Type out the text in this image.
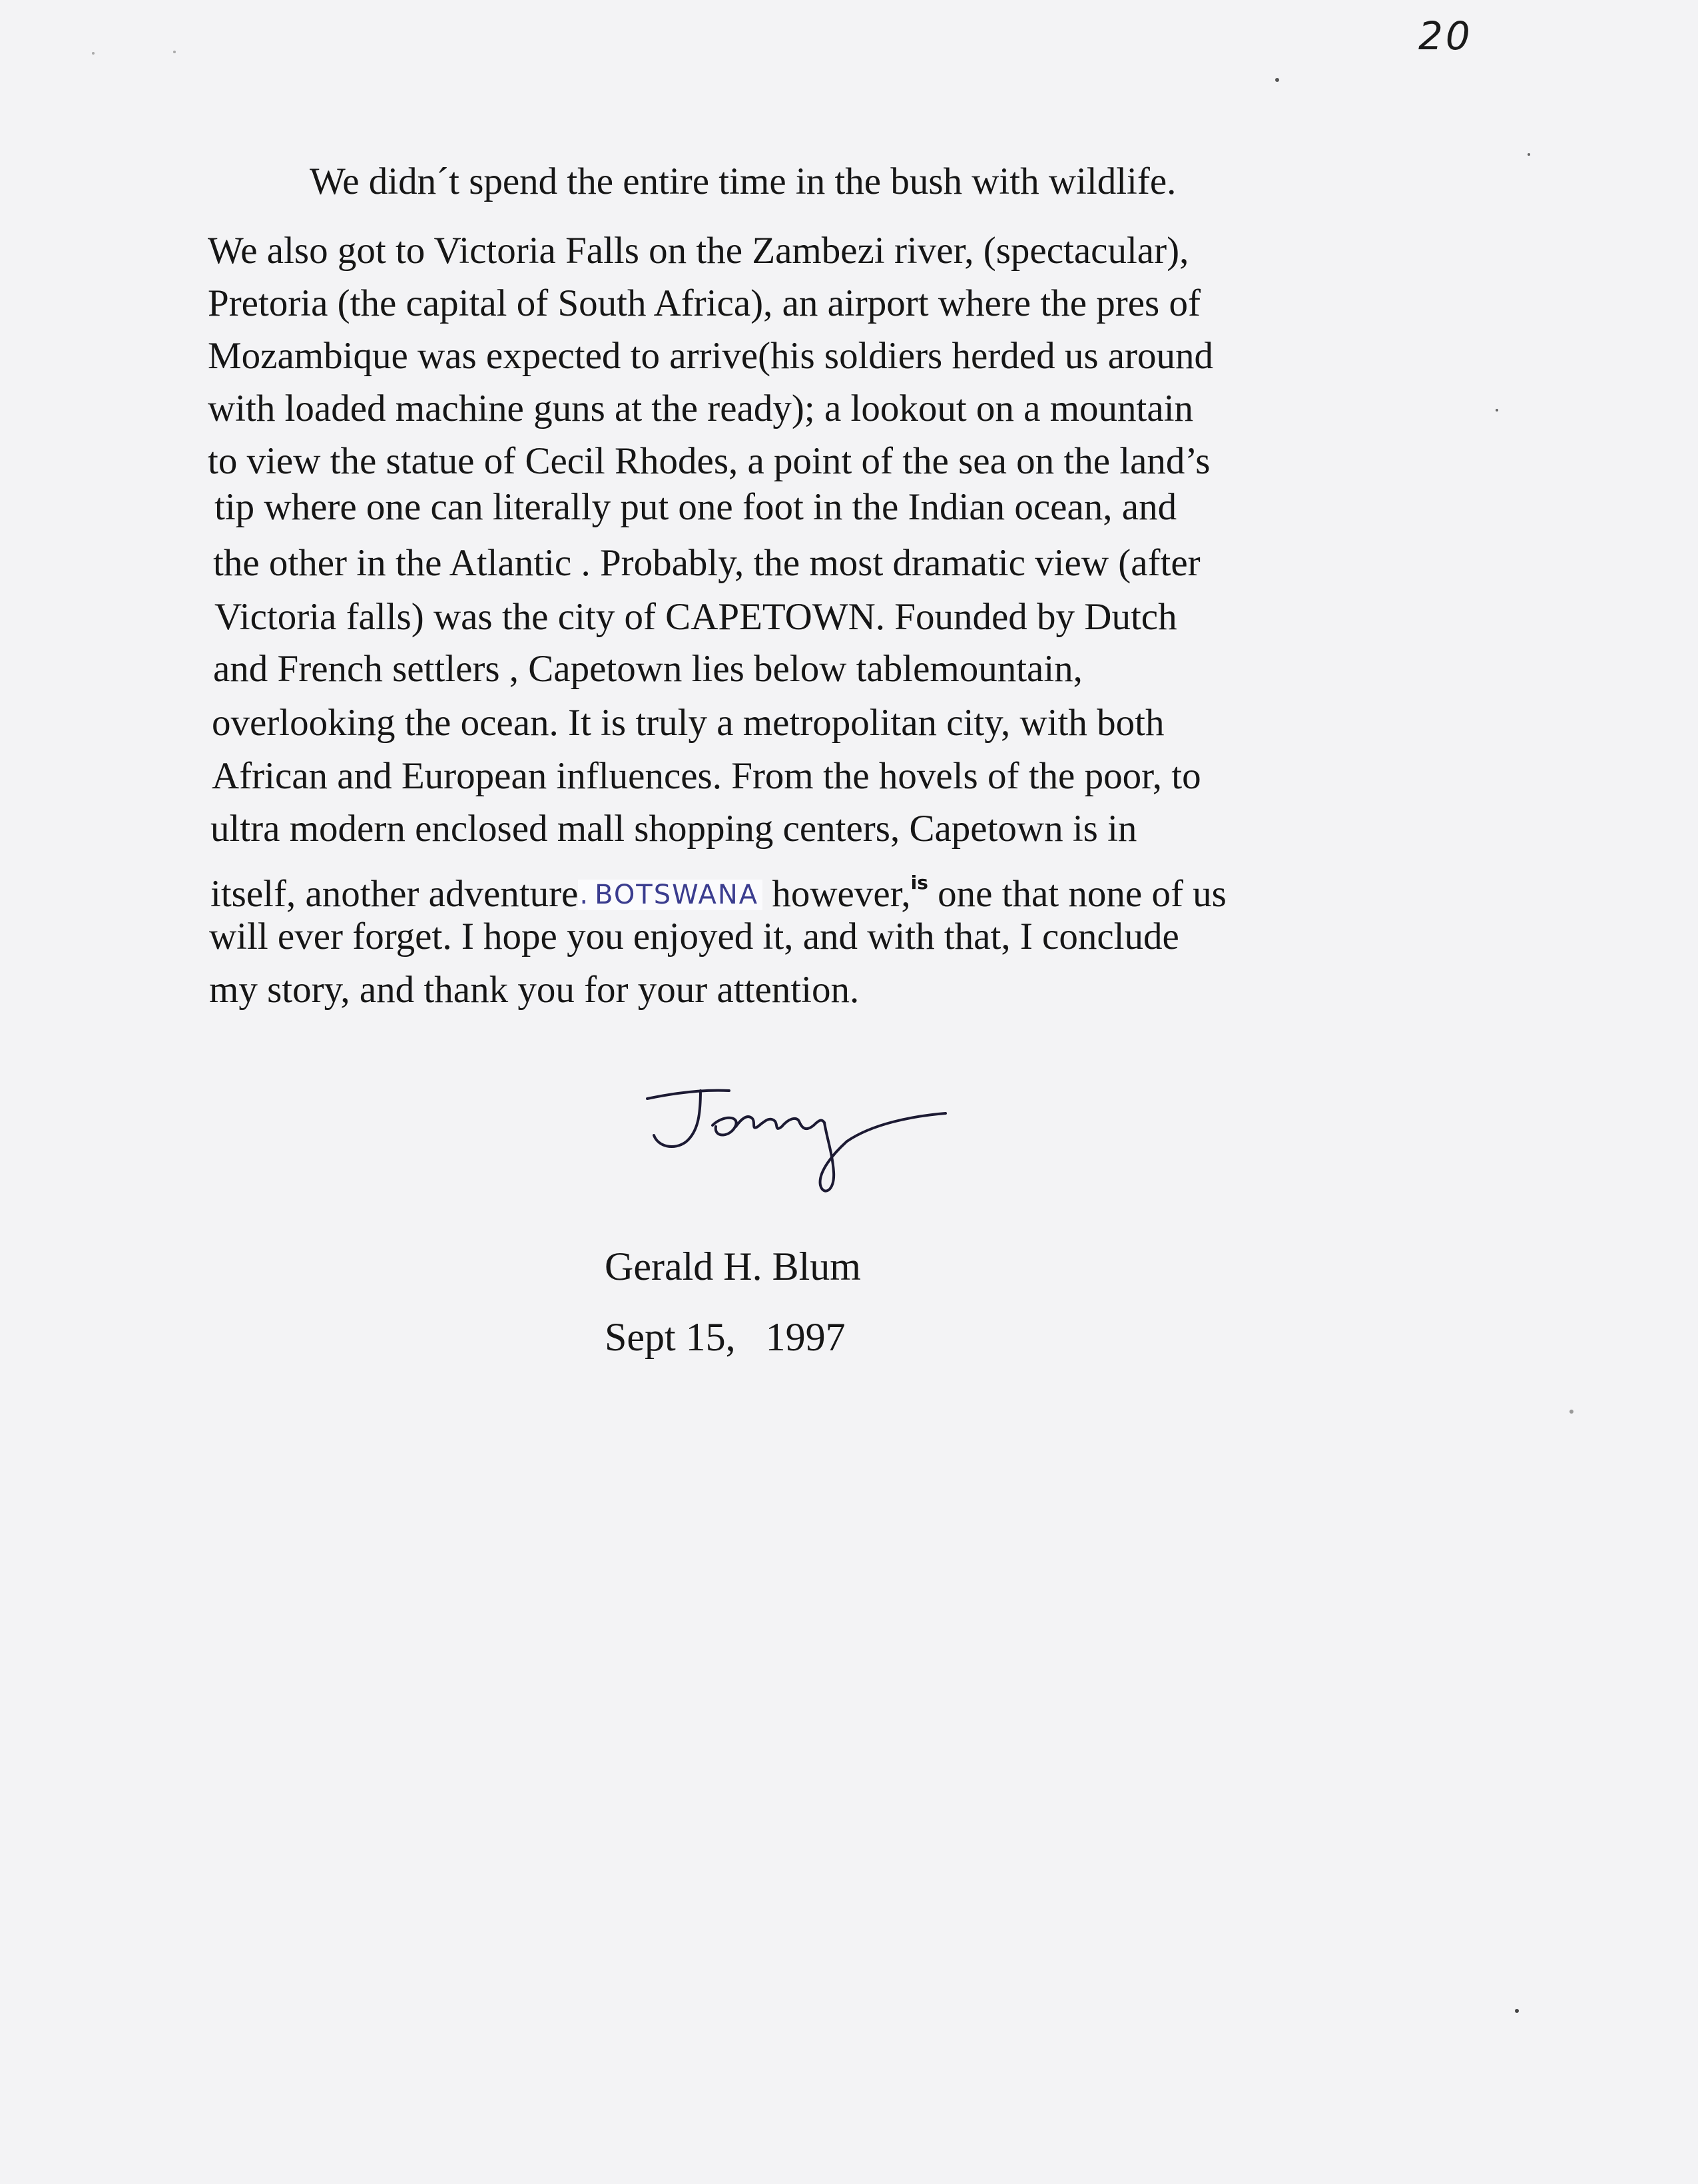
20
We didn´t spend the entire time in the bush with wildlife.
We also got to Victoria Falls on the Zambezi river, (spectacular),
Pretoria (the capital of South Africa), an airport where the pres of
Mozambique was expected to arrive(his soldiers herded us around
with loaded machine guns at the ready); a lookout on a mountain
to view the statue of Cecil Rhodes, a point of the sea on the land’s
tip where one can literally put one foot in the Indian ocean, and
the other in the Atlantic . Probably, the most dramatic view (after
Victoria falls) was the city of CAPETOWN. Founded by Dutch
and French settlers , Capetown lies below tablemountain,
overlooking the ocean. It is truly a metropolitan city, with both
African and European influences. From the hovels of the poor, to
ultra modern enclosed mall shopping centers, Capetown is in
itself, another adventure. BOTSWANA however,$^{is}$ one that none of us
will ever forget. I hope you enjoyed it, and with that, I conclude
my story, and thank you for your attention.
Gerald H. Blum
Sept 15,   1997
